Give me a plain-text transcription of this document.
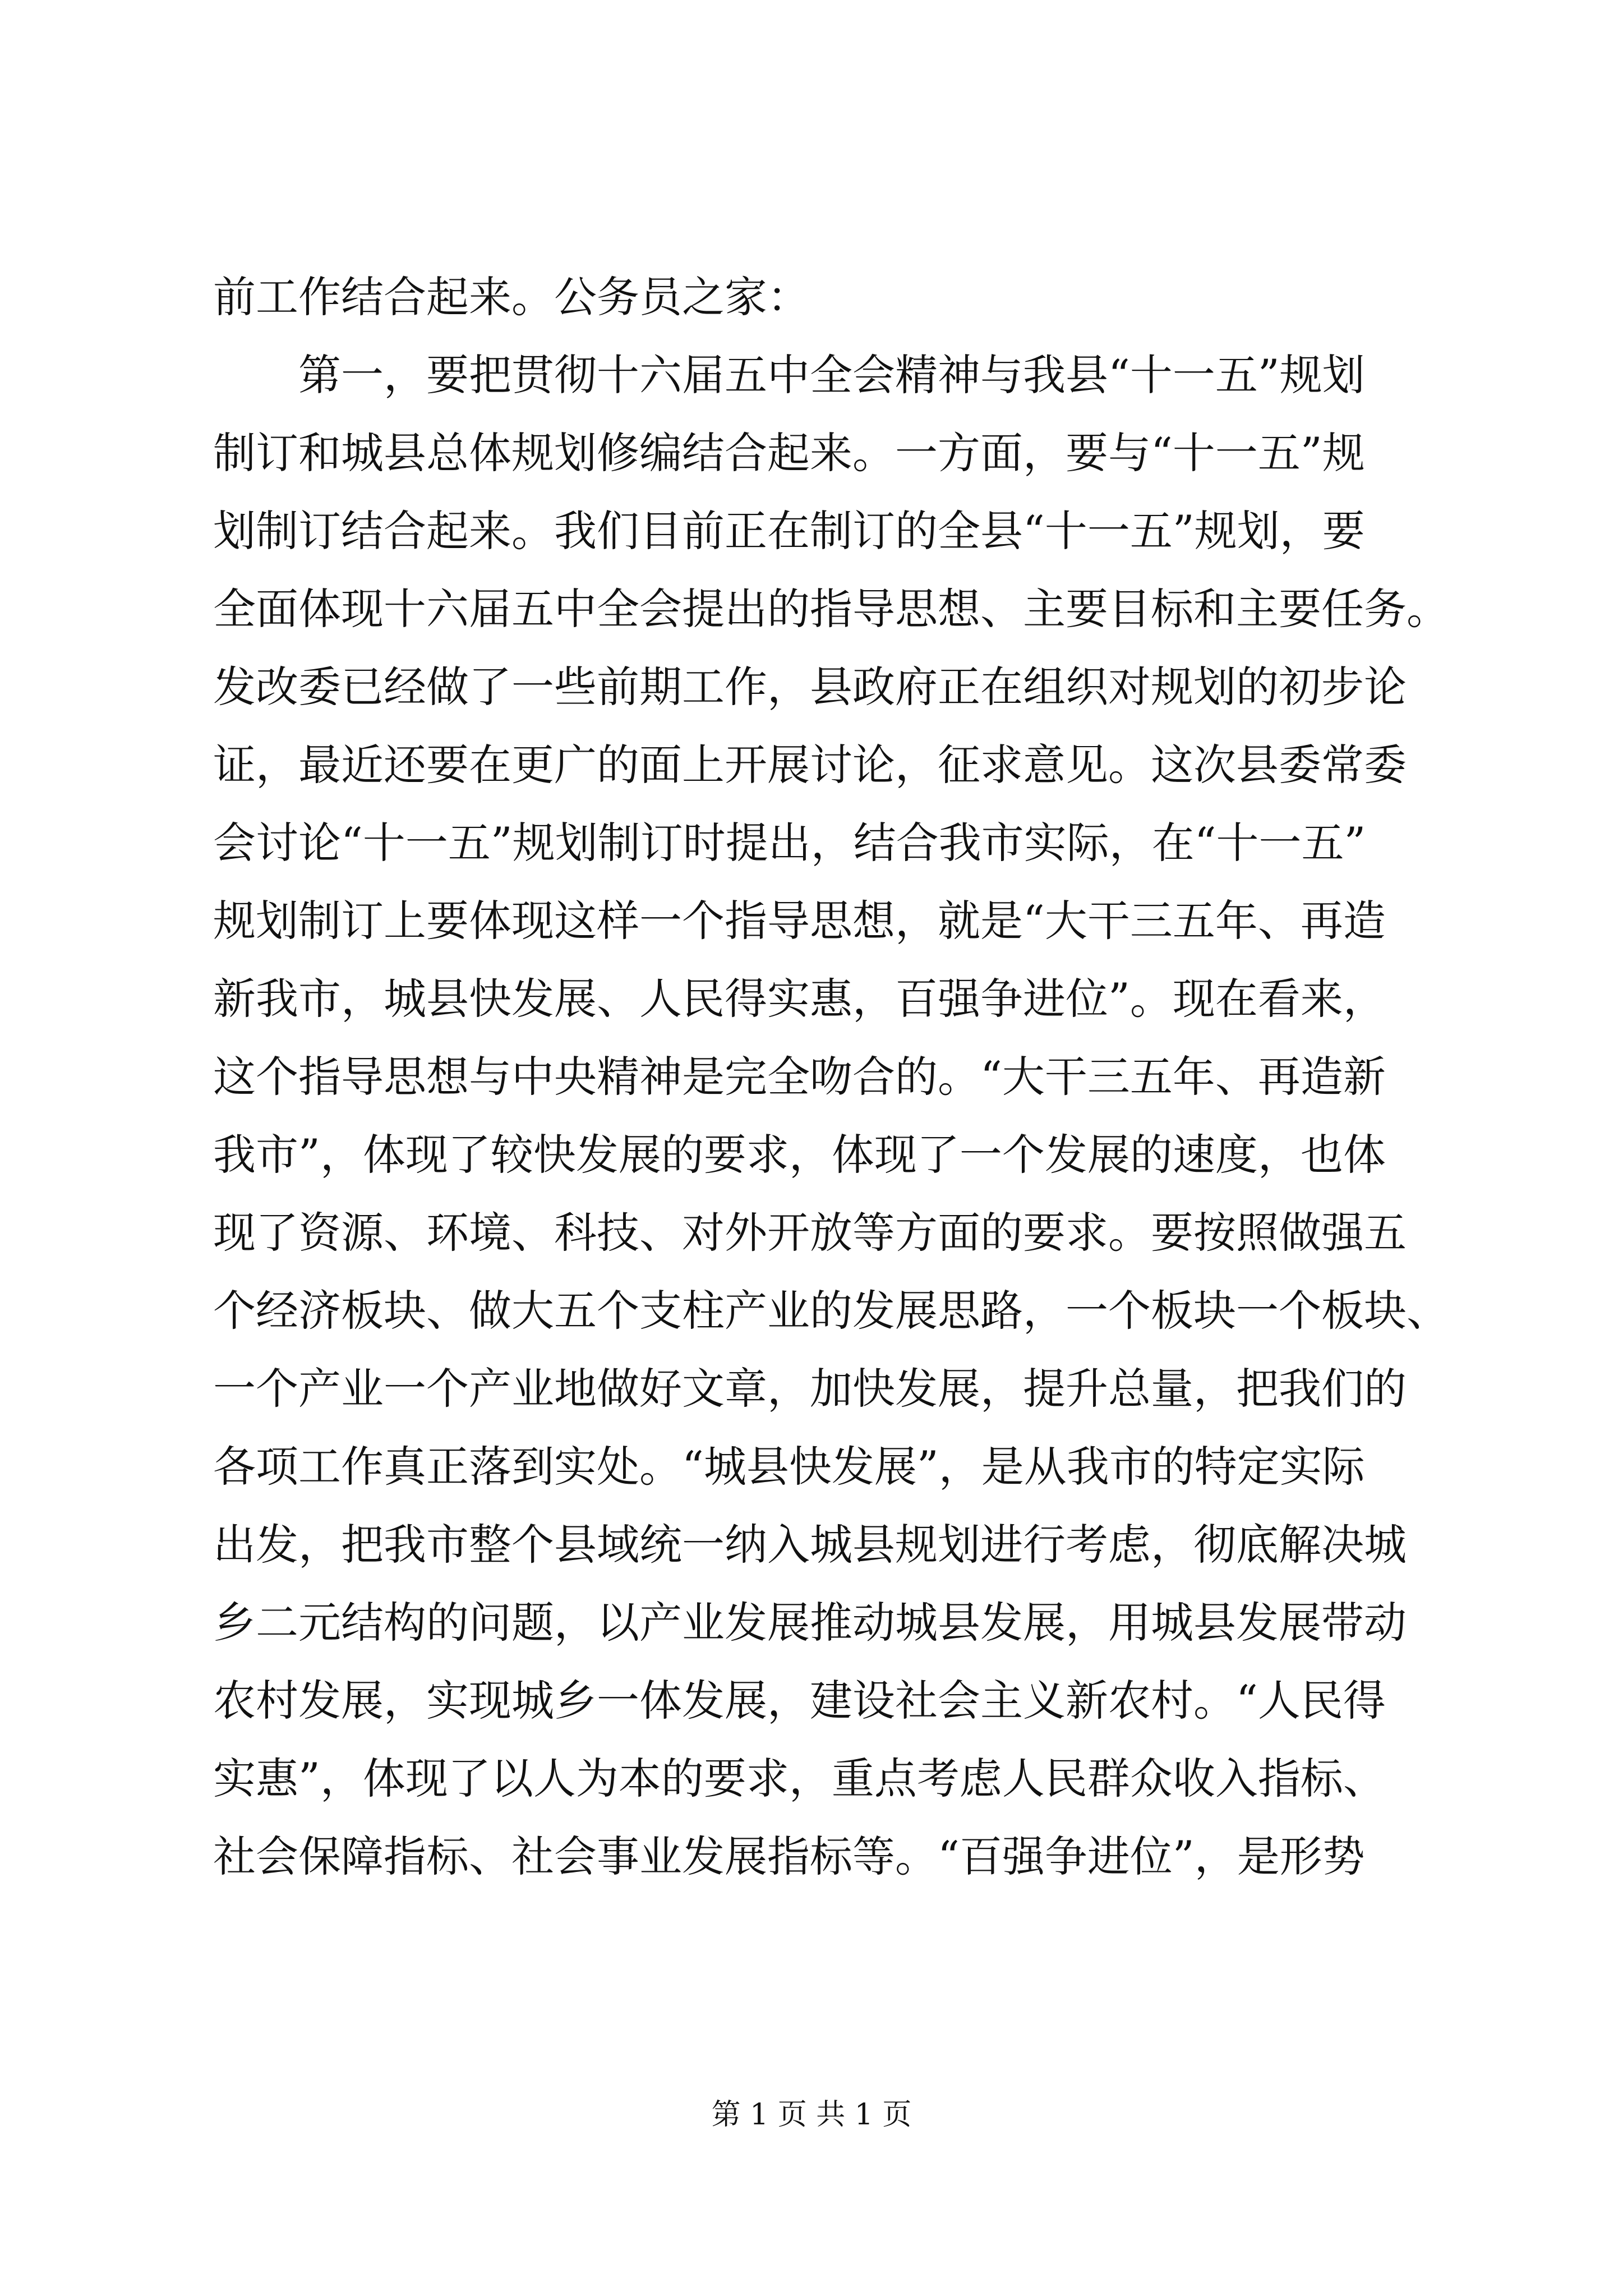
前工作结合起来。公务员之家：
　　第一，要把贯彻十六届五中全会精神与我县“十一五”规划
制订和城县总体规划修编结合起来。一方面，要与“十一五”规
划制订结合起来。我们目前正在制订的全县“十一五”规划，要
全面体现十六届五中全会提出的指导思想、主要目标和主要任务。
发改委已经做了一些前期工作，县政府正在组织对规划的初步论
证，最近还要在更广的面上开展讨论，征求意见。这次县委常委
会讨论“十一五”规划制订时提出，结合我市实际，在“十一五”
规划制订上要体现这样一个指导思想，就是“大干三五年、再造
新我市，城县快发展、人民得实惠，百强争进位”。现在看来，
这个指导思想与中央精神是完全吻合的。“大干三五年、再造新
我市”，体现了较快发展的要求，体现了一个发展的速度，也体
现了资源、环境、科技、对外开放等方面的要求。要按照做强五
个经济板块、做大五个支柱产业的发展思路，一个板块一个板块、
一个产业一个产业地做好文章，加快发展，提升总量，把我们的
各项工作真正落到实处。“城县快发展”，是从我市的特定实际
出发，把我市整个县域统一纳入城县规划进行考虑，彻底解决城
乡二元结构的问题，以产业发展推动城县发展，用城县发展带动
农村发展，实现城乡一体发展，建设社会主义新农村。“人民得
实惠”，体现了以人为本的要求，重点考虑人民群众收入指标、
社会保障指标、社会事业发展指标等。“百强争进位”，是形势
第 1 页 共 1 页
